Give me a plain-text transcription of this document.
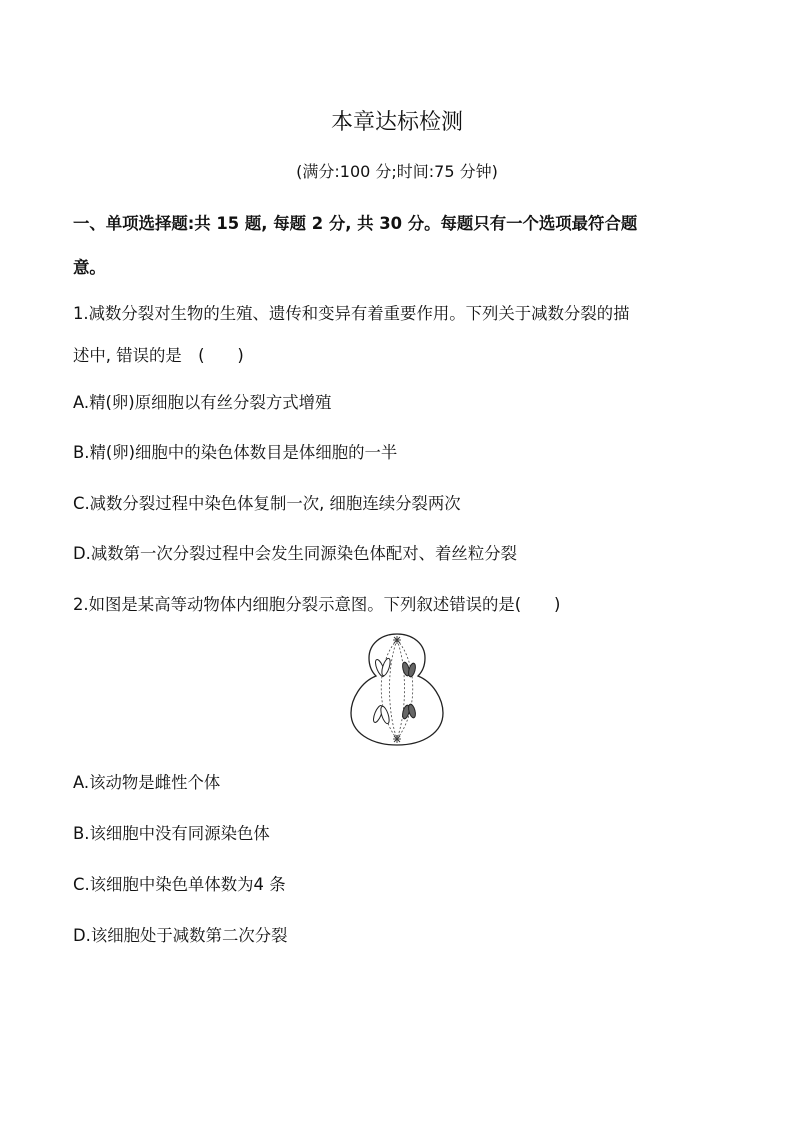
本章达标检测
(满分:100 分;时间:75 分钟)
一、单项选择题:共 15 题, 每题 2 分, 共 30 分。每题只有一个选项最符合题
意。
1.减数分裂对生物的生殖、遗传和变异有着重要作用。下列关于减数分裂的描
述中, 错误的是　(　　)
A.精(卵)原细胞以有丝分裂方式增殖
B.精(卵)细胞中的染色体数目是体细胞的一半
C.减数分裂过程中染色体复制一次, 细胞连续分裂两次
D.减数第一次分裂过程中会发生同源染色体配对、着丝粒分裂
2.如图是某高等动物体内细胞分裂示意图。下列叙述错误的是(　　)
A.该动物是雌性个体
B.该细胞中没有同源染色体
C.该细胞中染色单体数为4 条
D.该细胞处于减数第二次分裂
